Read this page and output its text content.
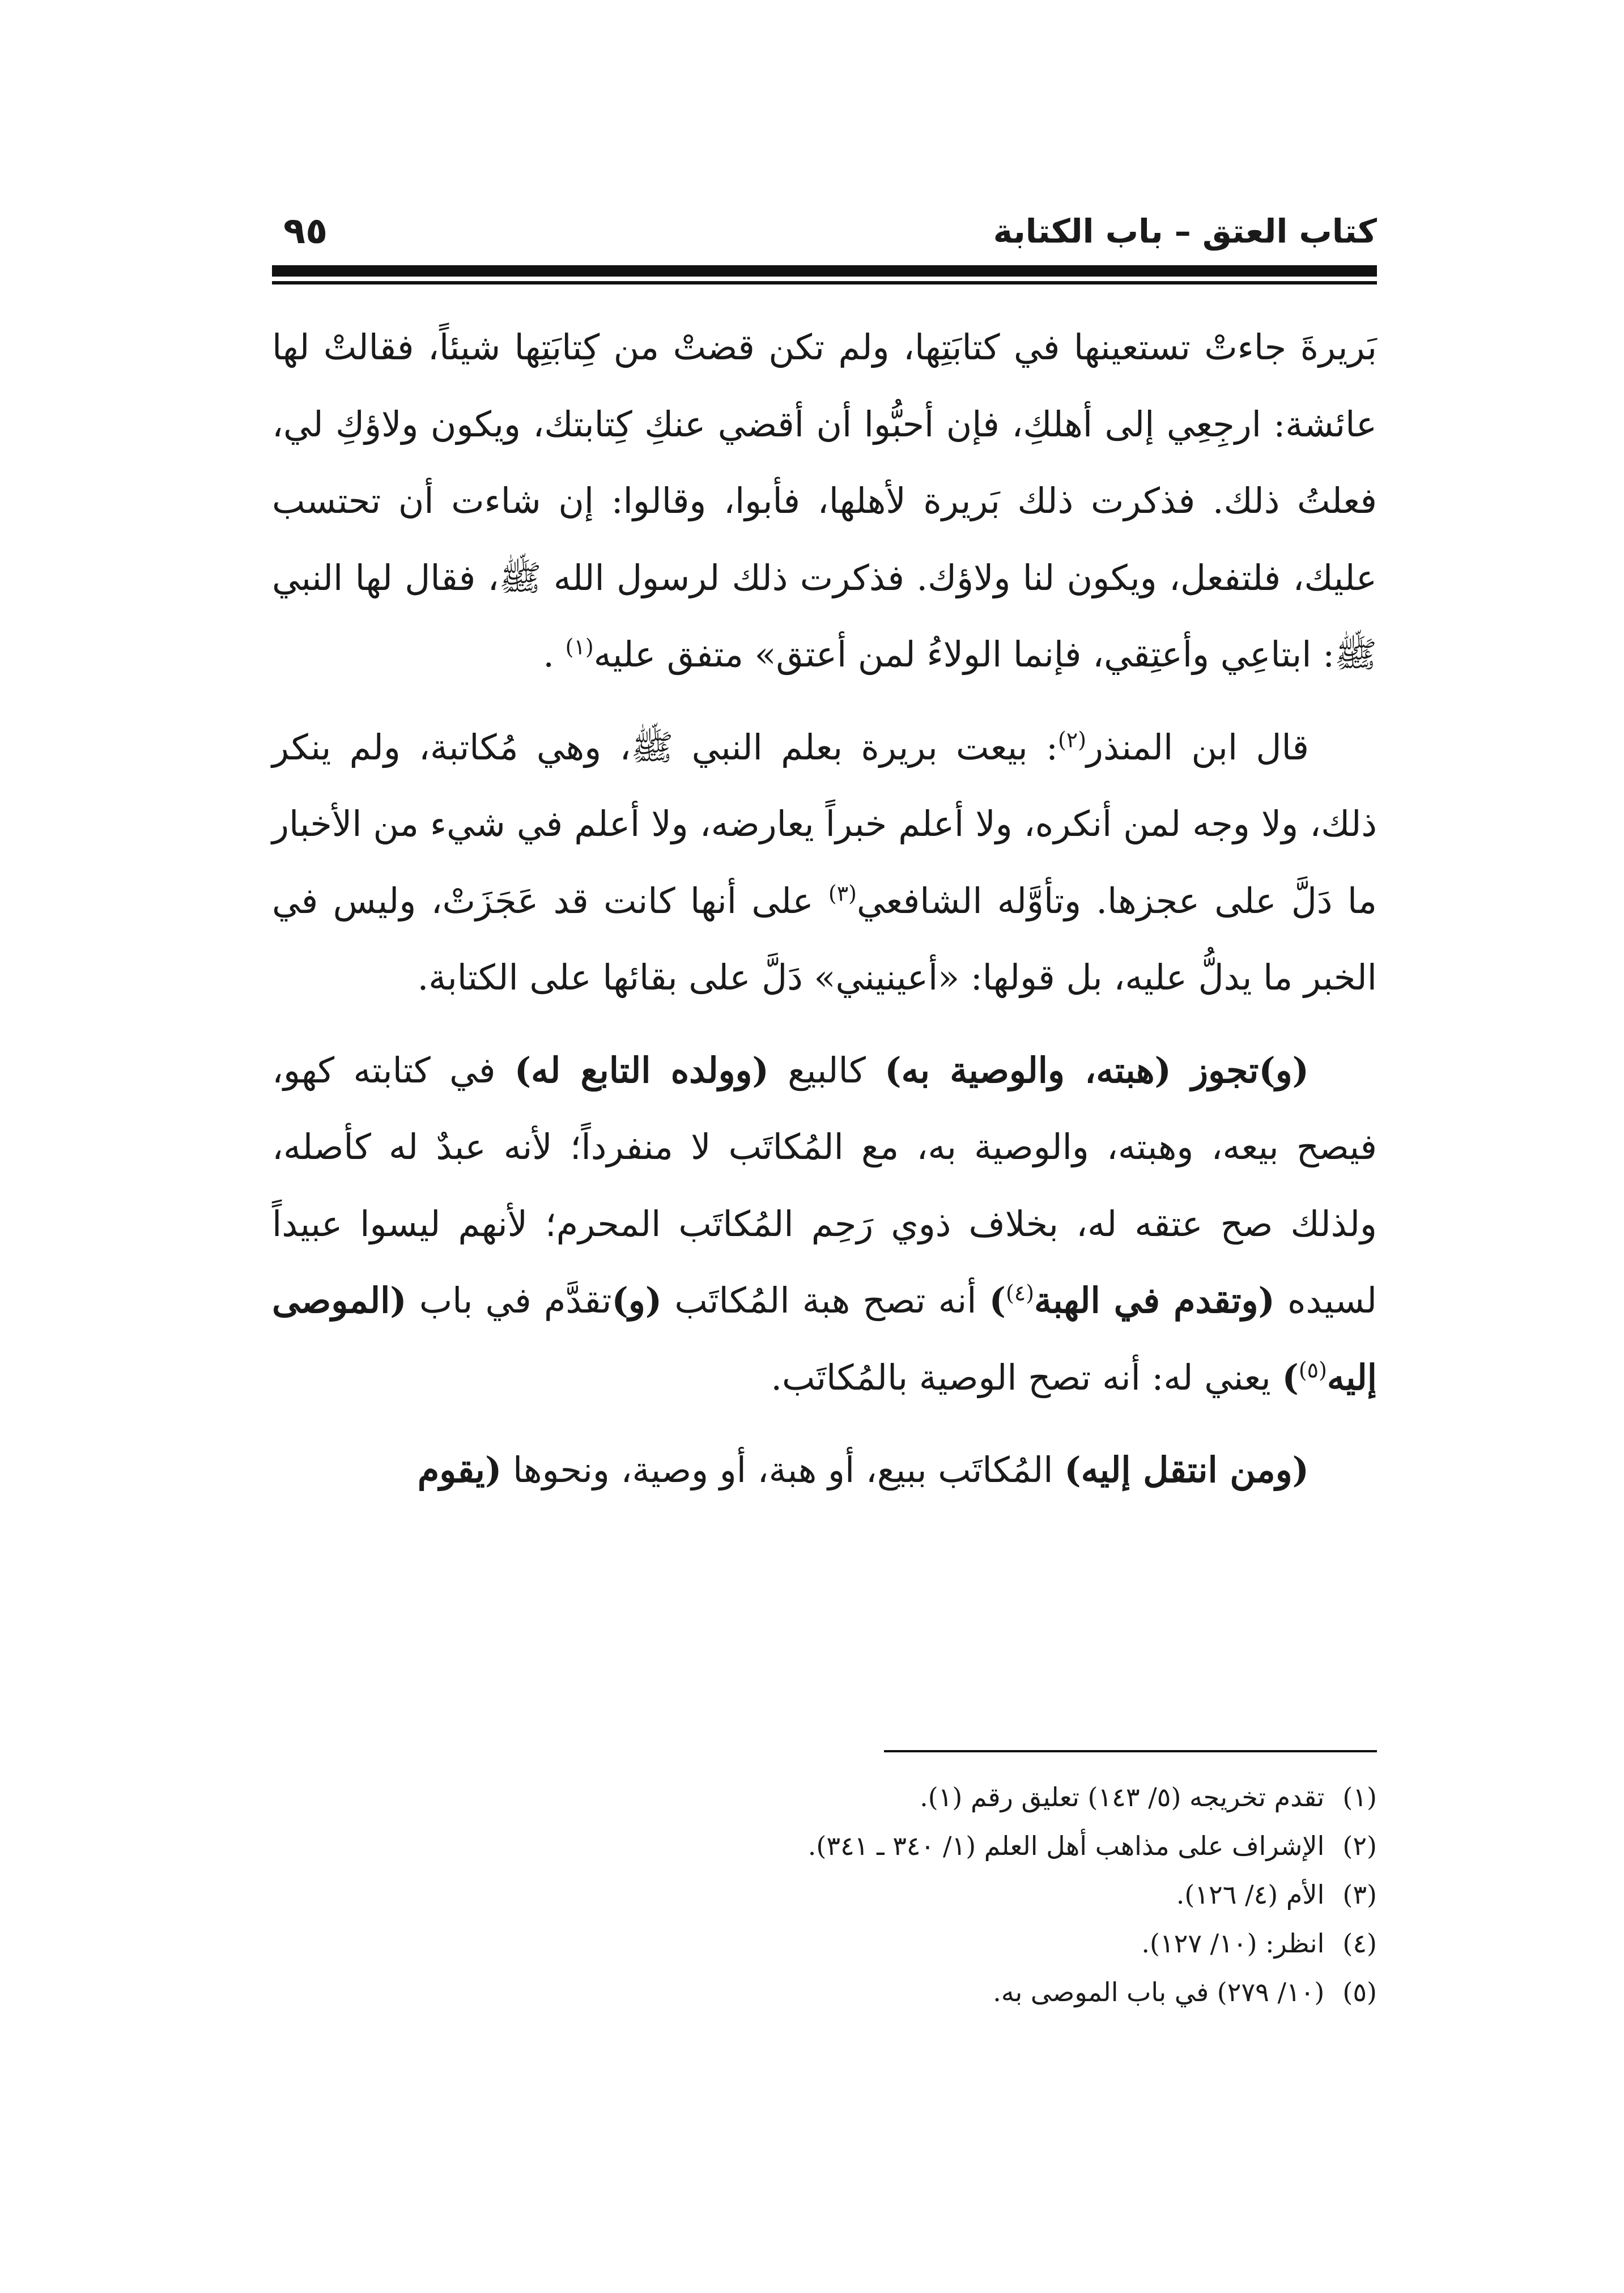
كتاب العتق – باب الكتابة
٩٥

بَريرةَ جاءتْ تستعينها في كتابَتِها، ولم تكن قضتْ من كِتابَتِها شيئاً، فقالتْ لها عائشة: ارجِعِي إلى أهلكِ، فإن أحبُّوا أن أقضي عنكِ كِتابتك، ويكون ولاؤكِ لي، فعلتُ ذلك. فذكرت ذلك بَريرة لأهلها، فأبوا، وقالوا: إن شاءت أن تحتسب عليك، فلتفعل، ويكون لنا ولاؤك. فذكرت ذلك لرسول الله ﷺ، فقال لها النبي ﷺ: ابتاعِي وأعتِقي، فإنما الولاءُ لمن أعتق» متفق عليه$^{(١)}$ .

قال ابن المنذر$^{(٢)}$: بيعت بريرة بعلم النبي ﷺ، وهي مُكاتبة، ولم ينكر ذلك، ولا وجه لمن أنكره، ولا أعلم خبراً يعارضه، ولا أعلم في شيء من الأخبار ما دَلَّ على عجزها. وتأوَّله الشافعي$^{(٣)}$ على أنها كانت قد عَجَزَتْ، وليس في الخبر ما يدلُّ عليه، بل قولها: «أعينيني» دَلَّ على بقائها على الكتابة.

(و)تجوز (هبته، والوصية به) كالبيع (وولده التابع له) في كتابته كهو، فيصح بيعه، وهبته، والوصية به، مع المُكاتَب لا منفرداً؛ لأنه عبدٌ له كأصله، ولذلك صح عتقه له، بخلاف ذوي رَحِم المُكاتَب المحرم؛ لأنهم ليسوا عبيداً لسيده (وتقدم في الهبة$^{(٤)}$) أنه تصح هبة المُكاتَب (و)تقدَّم في باب (الموصى إليه$^{(٥)}$) يعني له: أنه تصح الوصية بالمُكاتَب.

(ومن انتقل إليه) المُكاتَب ببيع، أو هبة، أو وصية، ونحوها (يقوم

(١) تقدم تخريجه (٥/ ١٤٣) تعليق رقم (١).
(٢) الإشراف على مذاهب أهل العلم (١/ ٣٤٠ ـ ٣٤١).
(٣) الأم (٤/ ١٢٦).
(٤) انظر: (١٠/ ١٢٧).
(٥) (١٠/ ٢٧٩) في باب الموصى به.
